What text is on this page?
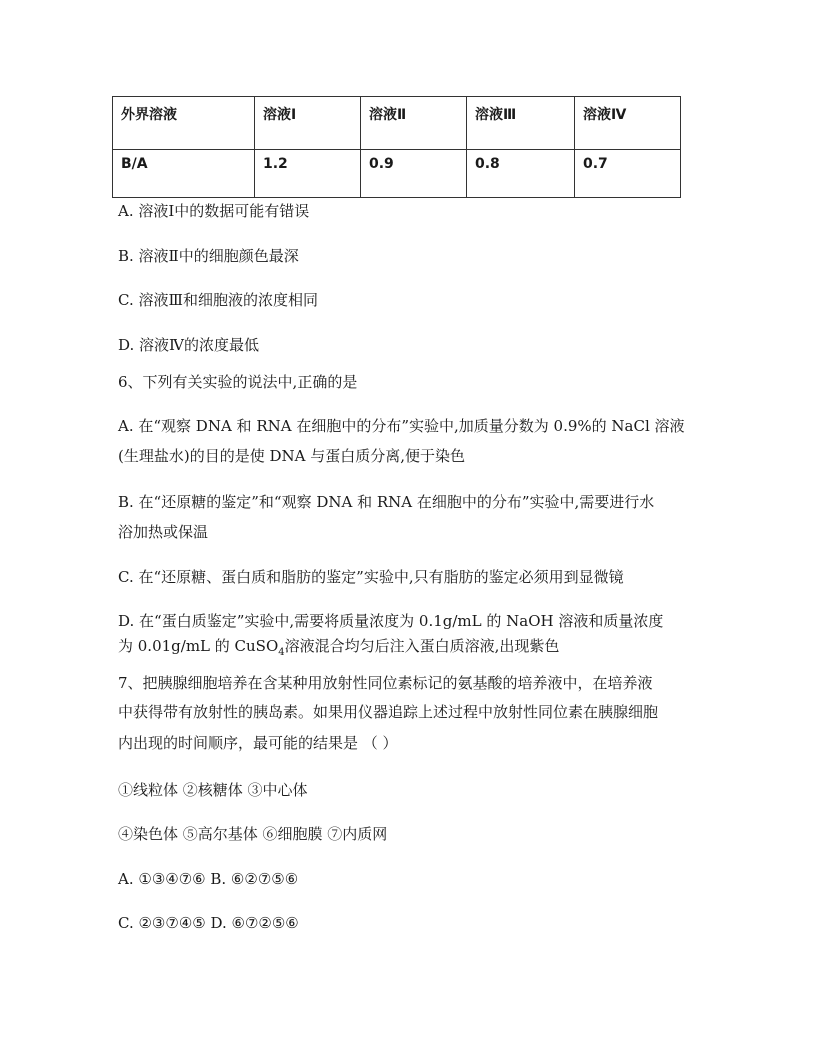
外界溶液	溶液Ⅰ	溶液Ⅱ	溶液Ⅲ	溶液Ⅳ
B/A	1.2	0.9	0.8	0.7
A. 溶液Ⅰ中的数据可能有错误
B. 溶液Ⅱ中的细胞颜色最深
C. 溶液Ⅲ和细胞液的浓度相同
D. 溶液Ⅳ的浓度最低
6、下列有关实验的说法中,正确的是
A. 在“观察 DNA 和 RNA 在细胞中的分布”实验中,加质量分数为 0.9%的 NaCl 溶液
(生理盐水)的目的是使 DNA 与蛋白质分离,便于染色
B. 在“还原糖的鉴定”和“观察 DNA 和 RNA 在细胞中的分布”实验中,需要进行水
浴加热或保温
C. 在“还原糖、蛋白质和脂肪的鉴定”实验中,只有脂肪的鉴定必须用到显微镜
D. 在“蛋白质鉴定”实验中,需要将质量浓度为 0.1g/mL 的 NaOH 溶液和质量浓度
为 0.01g/mL 的 CuSO$_4$溶液混合均匀后注入蛋白质溶液,出现紫色
7、把胰腺细胞培养在含某种用放射性同位素标记的氨基酸的培养液中，在培养液
中获得带有放射性的胰岛素。如果用仪器追踪上述过程中放射性同位素在胰腺细胞
内出现的时间顺序，最可能的结果是 （ ）
①线粒体 ②核糖体 ③中心体
④染色体 ⑤高尔基体 ⑥细胞膜 ⑦内质网
A. ①③④⑦⑥ B. ⑥②⑦⑤⑥
C. ②③⑦④⑤ D. ⑥⑦②⑤⑥
